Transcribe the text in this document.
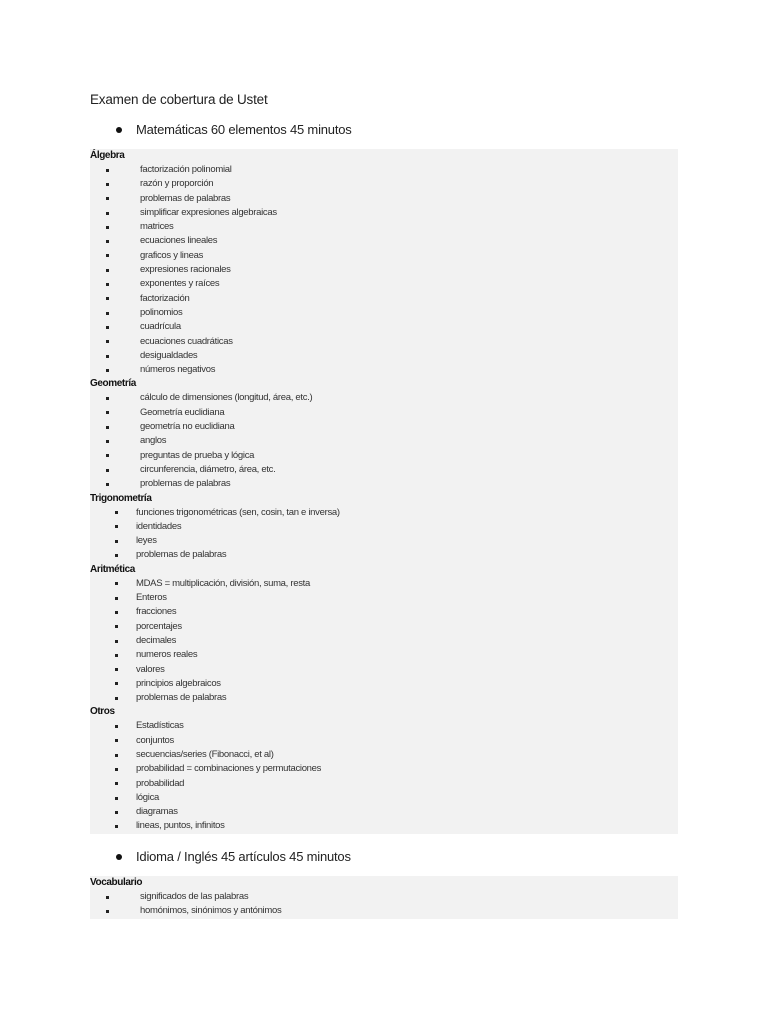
Examen de cobertura de Ustet
Matemáticas 60 elementos 45 minutos
Álgebra
factorización polinomial
razón y proporción
problemas de palabras
simplificar expresiones algebraicas
matrices
ecuaciones lineales
graficos y lineas
expresiones racionales
exponentes y raíces
factorización
polinomios
cuadrícula
ecuaciones cuadráticas
desigualdades
números negativos
Geometría
cálculo de dimensiones (longitud, área, etc.)
Geometría euclidiana
geometría no euclidiana
anglos
preguntas de prueba y lógica
circunferencia, diámetro, área, etc.
problemas de palabras
Trigonometría
funciones trigonométricas (sen, cosin, tan e inversa)
identidades
leyes
problemas de palabras
Aritmética
MDAS = multiplicación, división, suma, resta
Enteros
fracciones
porcentajes
decimales
numeros reales
valores
principios algebraicos
problemas de palabras
Otros
Estadísticas
conjuntos
secuencias/series (Fibonacci, et al)
probabilidad = combinaciones y permutaciones
probabilidad
lógica
diagramas
lineas, puntos, infinitos
Idioma / Inglés 45 artículos 45 minutos
Vocabulario
significados de las palabras
homónimos, sinónimos y antónimos
